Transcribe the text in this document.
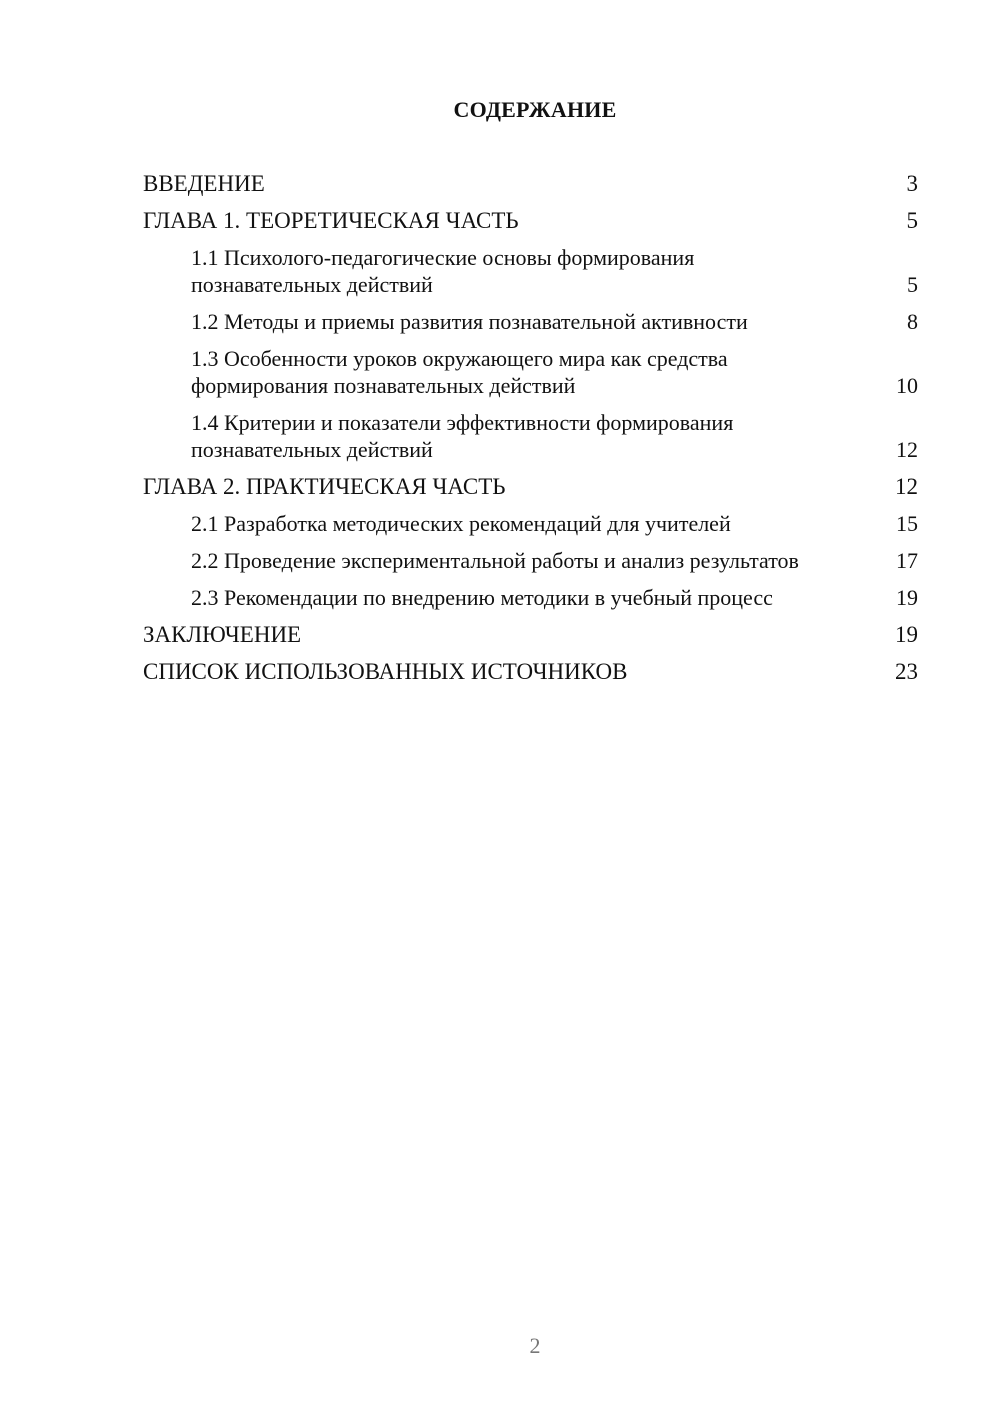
СОДЕРЖАНИЕ
ВВЕДЕНИЕ	3
ГЛАВА 1. ТЕОРЕТИЧЕСКАЯ ЧАСТЬ	5
1.1 Психолого-педагогические основы формирования познавательных действий	5
1.2 Методы и приемы развития познавательной активности	8
1.3 Особенности уроков окружающего мира как средства формирования познавательных действий	10
1.4 Критерии и показатели эффективности формирования познавательных действий	12
ГЛАВА 2. ПРАКТИЧЕСКАЯ ЧАСТЬ	12
2.1 Разработка методических рекомендаций для учителей	15
2.2 Проведение экспериментальной работы и анализ результатов	17
2.3 Рекомендации по внедрению методики в учебный процесс	19
ЗАКЛЮЧЕНИЕ	19
СПИСОК ИСПОЛЬЗОВАННЫХ ИСТОЧНИКОВ	23
2
